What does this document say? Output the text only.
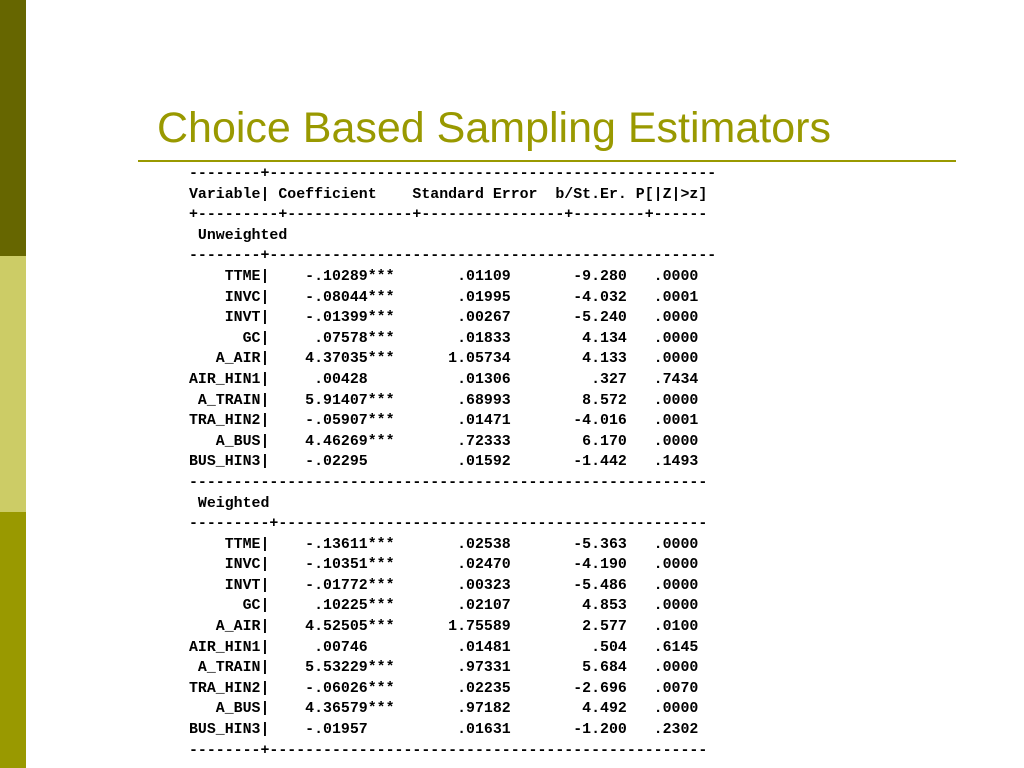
Choice Based Sampling Estimators
--------+--------------------------------------------------
Variable| Coefficient    Standard Error  b/St.Er. P[|Z|>z]
+---------+--------------+----------------+--------+------
Unweighted
--------+--------------------------------------------------
TTME|    -.10289***       .01109       -9.280   .0000
INVC|    -.08044***       .01995       -4.032   .0001
INVT|    -.01399***       .00267       -5.240   .0000
GC|     .07578***       .01833        4.134   .0000
A_AIR|    4.37035***      1.05734        4.133   .0000
AIR_HIN1|     .00428          .01306         .327   .7434
A_TRAIN|    5.91407***       .68993        8.572   .0000
TRA_HIN2|    -.05907***       .01471       -4.016   .0001
A_BUS|    4.46269***       .72333        6.170   .0000
BUS_HIN3|    -.02295          .01592       -1.442   .1493
----------------------------------------------------------
Weighted
---------+------------------------------------------------
TTME|    -.13611***       .02538       -5.363   .0000
INVC|    -.10351***       .02470       -4.190   .0000
INVT|    -.01772***       .00323       -5.486   .0000
GC|     .10225***       .02107        4.853   .0000
A_AIR|    4.52505***      1.75589        2.577   .0100
AIR_HIN1|     .00746          .01481         .504   .6145
A_TRAIN|    5.53229***       .97331        5.684   .0000
TRA_HIN2|    -.06026***       .02235       -2.696   .0070
A_BUS|    4.36579***       .97182        4.492   .0000
BUS_HIN3|    -.01957          .01631       -1.200   .2302
--------+-------------------------------------------------
